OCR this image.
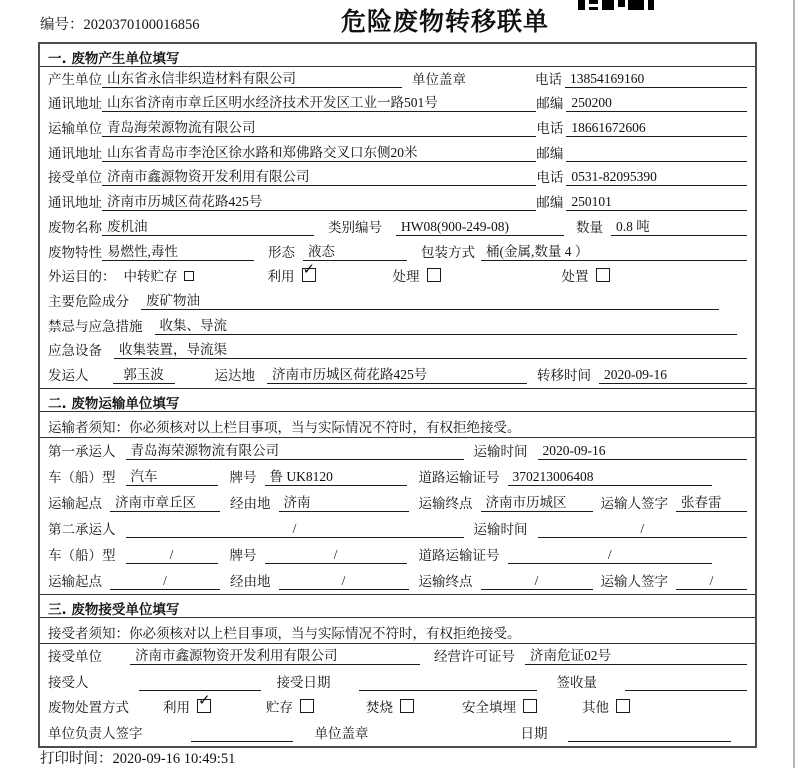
编号：2020370100016856	危险废物转移联单
一. 废物产生单位填写
产生单位 山东省永信非织造材料有限公司	单位盖章	电话 13854169160
通讯地址 山东省济南市章丘区明水经济技术开发区工业一路501号	邮编 250200
运输单位 青岛海荣源物流有限公司	电话 18661672606
通讯地址 山东省青岛市李沧区徐水路和郑佛路交叉口东侧20米	邮编
接受单位 济南市鑫源物资开发利用有限公司	电话 0531-82095390
通讯地址 济南市历城区荷花路425号	邮编 250101
废物名称 废机油	类别编号	HW08(900-249-08)	数量 0.8 吨
废物特性 易燃性,毒性	形态 液态	包装方式 桶(金属,数量 4 ）
外运目的： 中转贮存	利用 ✓	处理	处置
主要危险成分	废矿物油
禁忌与应急措施	收集、导流
应急设备	收集装置，导流渠
发运人	郭玉波	运达地	济南市历城区荷花路425号	转移时间 2020-09-16
二. 废物运输单位填写
运输者须知：你必须核对以上栏目事项，当与实际情况不符时，有权拒绝接受。
第一承运人	青岛海荣源物流有限公司	运输时间	2020-09-16
车（船）型	汽车	牌号 鲁 UK8120	道路运输证号 370213006408
运输起点 济南市章丘区	经由地 济南	运输终点 济南市历城区	运输人签字 张春雷
第二承运人	/	运输时间	/
车（船）型	/	牌号	/	道路运输证号	/
运输起点	/	经由地	/	运输终点	/	运输人签字	/
三. 废物接受单位填写
接受者须知：你必须核对以上栏目事项，当与实际情况不符时，有权拒绝接受。
接受单位	济南市鑫源物资开发利用有限公司	经营许可证号	济南危证02号
接受人	接受日期	签收量
废物处置方式	利用 ✓	贮存	焚烧	安全填埋	其他
单位负责人签字	单位盖章	日期
打印时间：2020-09-16 10:49:51
